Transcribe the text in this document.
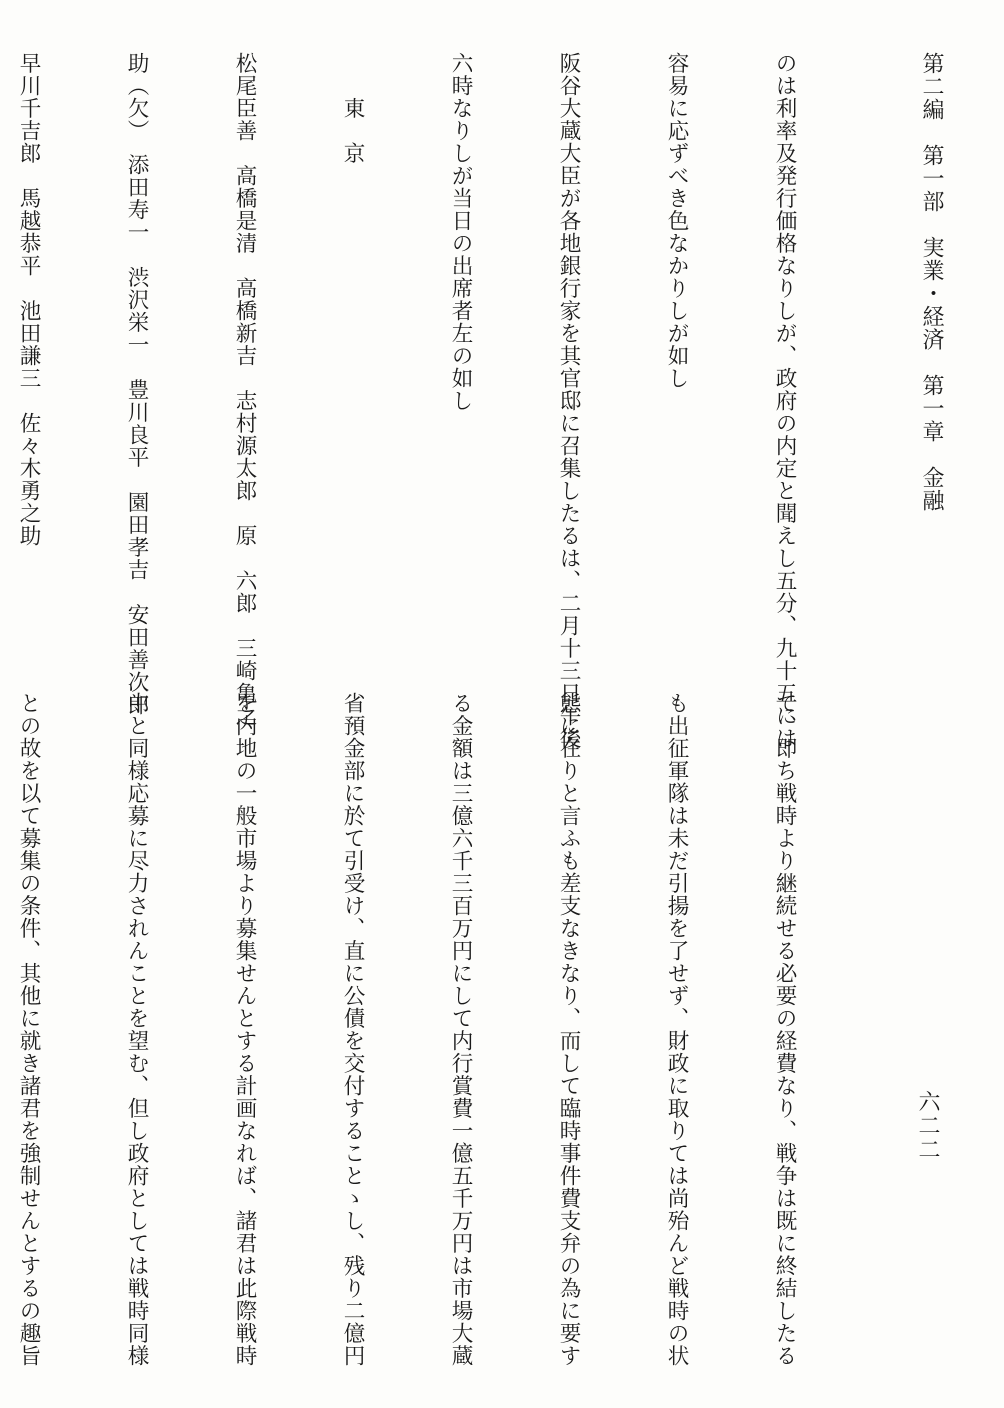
第二編　第一部　実業・経済　第一章　金融
六二二

のは利率及発行価格なりしが、政府の内定と聞えし五分、九十五には

容易に応ずべき色なかりしが如し

阪谷大蔵大臣が各地銀行家を其官邸に召集したるは、二月十三日午後

六時なりしが当日の出席者左の如し

　　東　京

松尾臣善　高橋是清　高橋新吉　志村源太郎　原　六郎　三崎亀之

助（欠）　添田寿一　渋沢栄一　豊川良平　園田孝吉　安田善次郎

早川千吉郎　馬越恭平　池田謙三　佐々木勇之助

て、即ち戦時より継続せる必要の経費なり、戦争は既に終結したる

も出征軍隊は未だ引揚を了せず、財政に取りては尚殆んど戦時の状

態に在りと言ふも差支なきなり、而して臨時事件費支弁の為に要す

る金額は三億六千三百万円にして内行賞費一億五千万円は市場大蔵

省預金部に於て引受け、直に公債を交付することゝし、残り二億円

を内地の一般市場より募集せんとする計画なれば、諸君は此際戦時

中と同様応募に尽力されんことを望む、但し政府としては戦時同様

との故を以て募集の条件、其他に就き諸君を強制せんとするの趣旨
